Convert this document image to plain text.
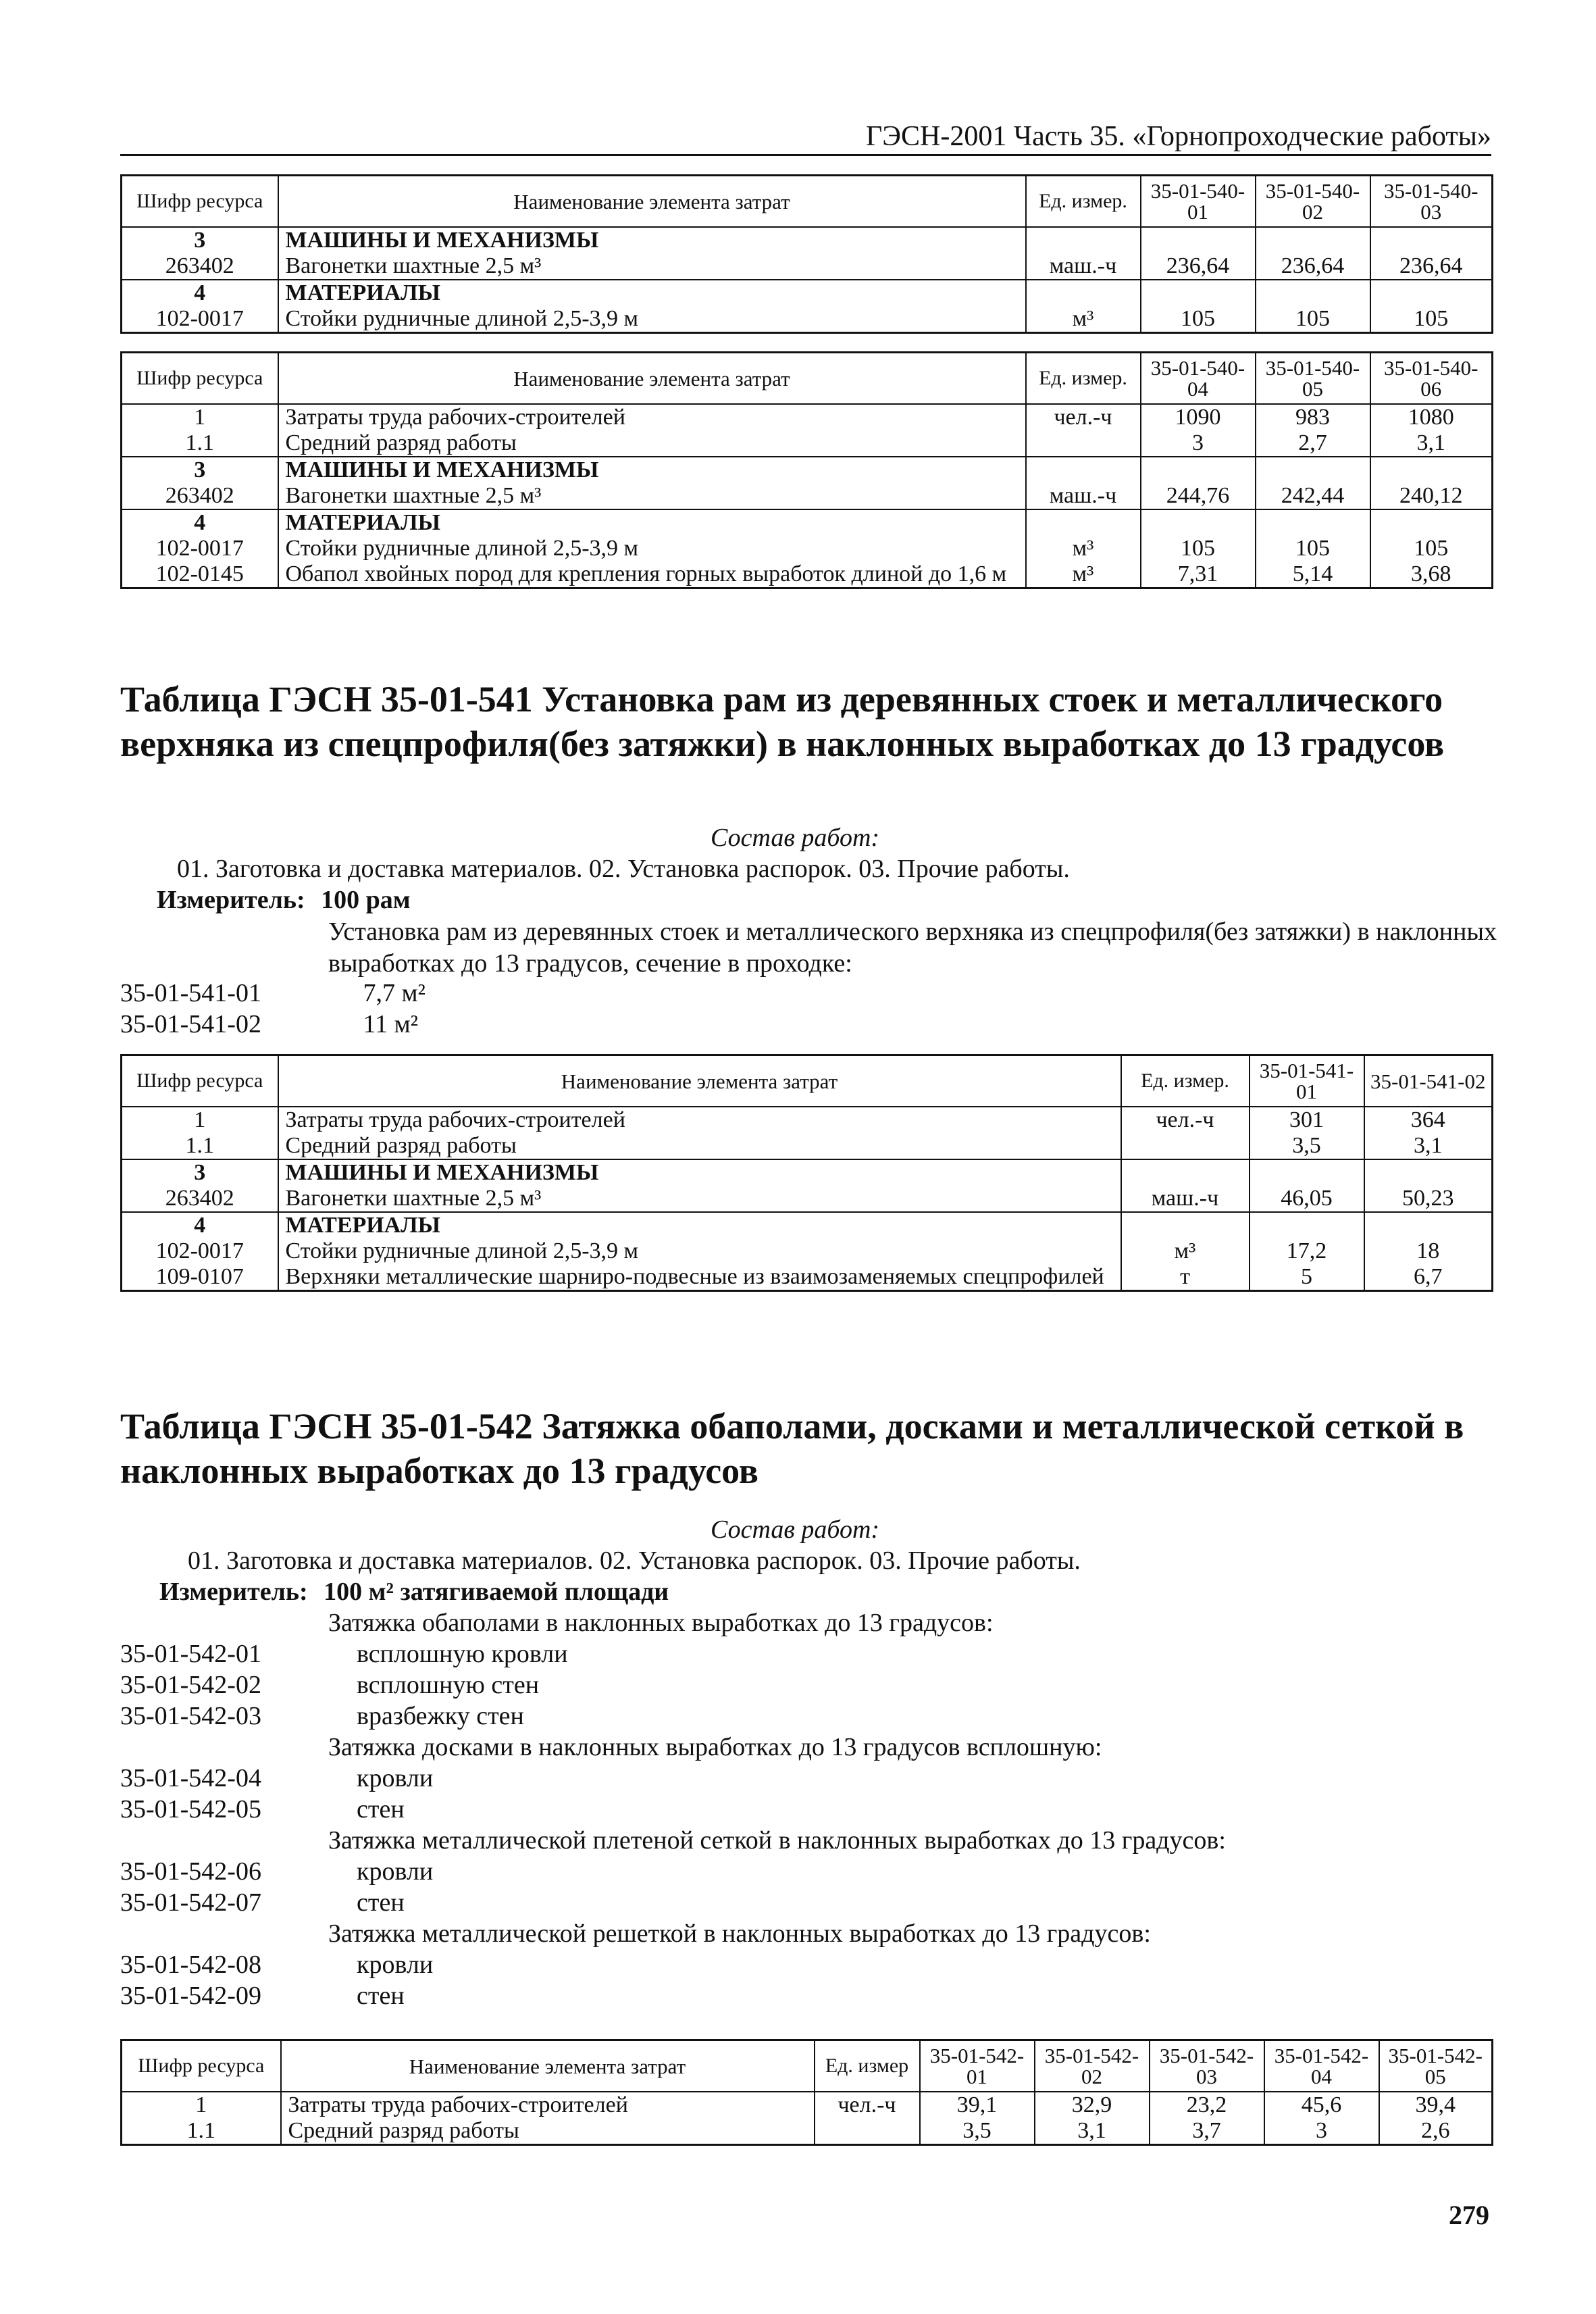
ГЭСН-2001 Часть 35. «Горнопроходческие работы»
Шифр ресурса	Наименование элемента затрат	Ед. измер.	35-01-540-01	35-01-540-02	35-01-540-03
3	МАШИНЫ И МЕХАНИЗМЫ				
263402	Вагонетки шахтные 2,5 м³	маш.-ч	236,64	236,64	236,64
4	МАТЕРИАЛЫ				
102-0017	Стойки рудничные длиной 2,5-3,9 м	м³	105	105	105
Шифр ресурса	Наименование элемента затрат	Ед. измер.	35-01-540-04	35-01-540-05	35-01-540-06
1	Затраты труда рабочих-строителей	чел.-ч	1090	983	1080
1.1	Средний разряд работы		3	2,7	3,1
3	МАШИНЫ И МЕХАНИЗМЫ				
263402	Вагонетки шахтные 2,5 м³	маш.-ч	244,76	242,44	240,12
4	МАТЕРИАЛЫ				
102-0017	Стойки рудничные длиной 2,5-3,9 м	м³	105	105	105
102-0145	Обапол хвойных пород для крепления горных выработок длиной до 1,6 м	м³	7,31	5,14	3,68
Таблица ГЭСН 35-01-541 Установка рам из деревянных стоек и металлического верхняка из спецпрофиля(без затяжки) в наклонных выработках до 13 градусов
Состав работ:
01. Заготовка и доставка материалов. 02. Установка распорок. 03. Прочие работы.
Измеритель: 100 рам
Установка рам из деревянных стоек и металлического верхняка из спецпрофиля(без затяжки) в наклонных выработках до 13 градусов, сечение в проходке:
35-01-541-01	7,7 м²
35-01-541-02	11 м²
Шифр ресурса	Наименование элемента затрат	Ед. измер.	35-01-541-01	35-01-541-02
1	Затраты труда рабочих-строителей	чел.-ч	301	364
1.1	Средний разряд работы		3,5	3,1
3	МАШИНЫ И МЕХАНИЗМЫ			
263402	Вагонетки шахтные 2,5 м³	маш.-ч	46,05	50,23
4	МАТЕРИАЛЫ			
102-0017	Стойки рудничные длиной 2,5-3,9 м	м³	17,2	18
109-0107	Верхняки металлические шарниро-подвесные из взаимозаменяемых спецпрофилей	т	5	6,7
Таблица ГЭСН 35-01-542 Затяжка обаполами, досками и металлической сеткой в наклонных выработках до 13 градусов
Состав работ:
01. Заготовка и доставка материалов. 02. Установка распорок. 03. Прочие работы.
Измеритель: 100 м² затягиваемой площади
Затяжка обаполами в наклонных выработках до 13 градусов:
35-01-542-01	всплошную кровли
35-01-542-02	всплошную стен
35-01-542-03	вразбежку стен
Затяжка досками в наклонных выработках до 13 градусов всплошную:
35-01-542-04	кровли
35-01-542-05	стен
Затяжка металлической плетеной сеткой в наклонных выработках до 13 градусов:
35-01-542-06	кровли
35-01-542-07	стен
Затяжка металлической решеткой в наклонных выработках до 13 градусов:
35-01-542-08	кровли
35-01-542-09	стен
Шифр ресурса	Наименование элемента затрат	Ед. измер	35-01-542-01	35-01-542-02	35-01-542-03	35-01-542-04	35-01-542-05
1	Затраты труда рабочих-строителей	чел.-ч	39,1	32,9	23,2	45,6	39,4
1.1	Средний разряд работы		3,5	3,1	3,7	3	2,6
279
